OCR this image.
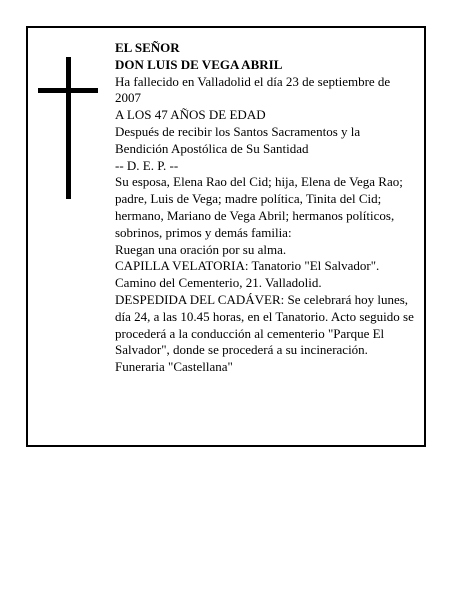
EL SEÑOR

DON LUIS DE VEGA ABRIL

Ha fallecido en Valladolid el día 23 de septiembre de 2007

A LOS 47 AÑOS DE EDAD

Después de recibir los Santos Sacramentos y la Bendición Apostólica de Su Santidad

-- D. E. P. --

Su esposa, Elena Rao del Cid; hija, Elena de Vega Rao; padre, Luis de Vega; madre política, Tinita del Cid; hermano, Mariano de Vega Abril; hermanos políticos, sobrinos, primos y demás familia:

Ruegan una oración por su alma.

CAPILLA VELATORIA: Tanatorio "El Salvador". Camino del Cementerio, 21. Valladolid.

DESPEDIDA DEL CADÁVER: Se celebrará hoy lunes, día 24, a las 10.45 horas, en el Tanatorio. Acto seguido se procederá a la conducción al cementerio "Parque El Salvador", donde se procederá a su incineración.

Funeraria "Castellana"
